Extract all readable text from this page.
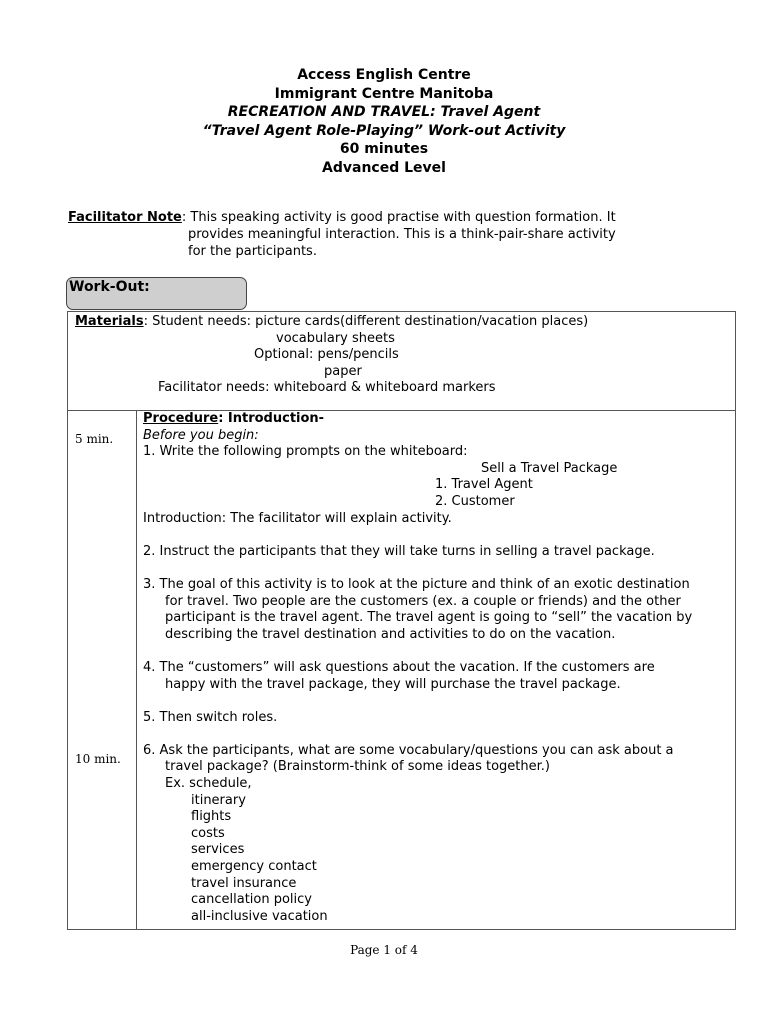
Access English Centre
Immigrant Centre Manitoba
RECREATION AND TRAVEL: Travel Agent
“Travel Agent Role-Playing” Work-out Activity
60 minutes
Advanced Level
Facilitator Note: This speaking activity is good practise with question formation. It
provides meaningful interaction. This is a think-pair-share activity
for the participants.
Work-Out:
Materials: Student needs: picture cards(different destination/vacation places)
vocabulary sheets
Optional: pens/pencils
paper
Facilitator needs: whiteboard & whiteboard markers
5 min.
10 min.
Procedure: Introduction-
Before you begin:
1. Write the following prompts on the whiteboard:
Sell a Travel Package
1. Travel Agent
2. Customer
Introduction: The facilitator will explain activity.
2. Instruct the participants that they will take turns in selling a travel package.
3. The goal of this activity is to look at the picture and think of an exotic destination
for travel. Two people are the customers (ex. a couple or friends) and the other
participant is the travel agent. The travel agent is going to “sell” the vacation by
describing the travel destination and activities to do on the vacation.
4. The “customers” will ask questions about the vacation. If the customers are
happy with the travel package, they will purchase the travel package.
5. Then switch roles.
6. Ask the participants, what are some vocabulary/questions you can ask about a
travel package? (Brainstorm-think of some ideas together.)
Ex. schedule,
itinerary
flights
costs
services
emergency contact
travel insurance
cancellation policy
all-inclusive vacation
Page 1 of 4
